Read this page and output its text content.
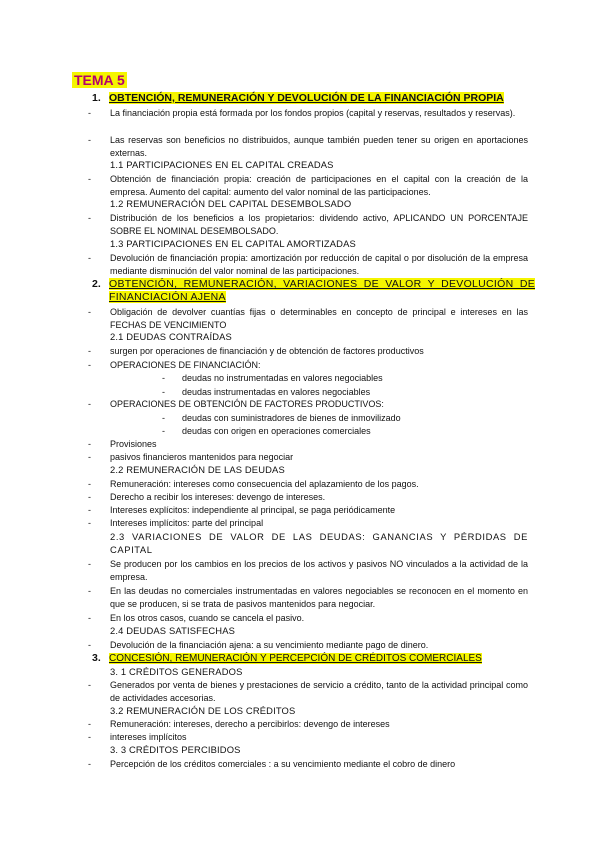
TEMA 5
1. OBTENCIÓN, REMUNERACIÓN Y DEVOLUCIÓN DE LA FINANCIACIÓN PROPIA
- La financiación propia está formada por los fondos propios (capital y reservas, resultados y reservas).
- Las reservas son beneficios no distribuidos, aunque también pueden tener su origen en aportaciones externas.
1.1 PARTICIPACIONES EN EL CAPITAL CREADAS
- Obtención de financiación propia: creación de participaciones en el capital con la creación de la empresa. Aumento del capital: aumento del valor nominal de las participaciones.
1.2 REMUNERACIÓN DEL CAPITAL DESEMBOLSADO
- Distribución de los beneficios a los propietarios: dividendo activo, APLICANDO UN PORCENTAJE SOBRE EL NOMINAL DESEMBOLSADO.
1.3 PARTICIPACIONES EN EL CAPITAL AMORTIZADAS
- Devolución de financiación propia: amortización por reducción de capital o por disolución de la empresa mediante disminución del valor nominal de las participaciones.
2. OBTENCIÓN, REMUNERACIÓN, VARIACIONES DE VALOR Y DEVOLUCIÓN DE FINANCIACIÓN AJENA
- Obligación de devolver cuantías fijas o determinables en concepto de principal e intereses en las FECHAS DE VENCIMIENTO
2.1 DEUDAS CONTRAÍDAS
- surgen por operaciones de financiación y de obtención de factores productivos
- OPERACIONES DE FINANCIACIÓN:
- deudas no instrumentadas en valores negociables
- deudas instrumentadas en valores negociables
- OPERACIONES DE OBTENCIÓN DE FACTORES PRODUCTIVOS:
- deudas con suministradores de bienes de inmovilizado
- deudas con origen en operaciones comerciales
- Provisiones
- pasivos financieros mantenidos para negociar
2.2 REMUNERACIÓN DE LAS DEUDAS
- Remuneración: intereses como consecuencia del aplazamiento de los pagos.
- Derecho a recibir los intereses: devengo de intereses.
- Intereses explícitos: independiente al principal, se paga periódicamente
- Intereses implícitos: parte del principal
2.3 VARIACIONES DE VALOR DE LAS DEUDAS: GANANCIAS Y PÉRDIDAS DE CAPITAL
- Se producen por los cambios en los precios de los activos y pasivos NO vinculados a la actividad de la empresa.
- En las deudas no comerciales instrumentadas en valores negociables se reconocen en el momento en que se producen, si se trata de pasivos mantenidos para negociar.
- En los otros casos, cuando se cancela el pasivo.
2.4 DEUDAS SATISFECHAS
- Devolución de la financiación ajena: a su vencimiento mediante pago de dinero.
3. CONCESIÓN, REMUNERACIÓN Y PERCEPCIÓN DE CRÉDITOS COMERCIALES
3. 1 CRÉDITOS GENERADOS
- Generados por venta de bienes y prestaciones de servicio a crédito, tanto de la actividad principal como de actividades accesorias.
3.2 REMUNERACIÓN DE LOS CRÉDITOS
- Remuneración: intereses, derecho a percibirlos: devengo de intereses
- intereses implícitos
3. 3 CRÉDITOS PERCIBIDOS
- Percepción de los créditos comerciales : a su vencimiento mediante el cobro de dinero
